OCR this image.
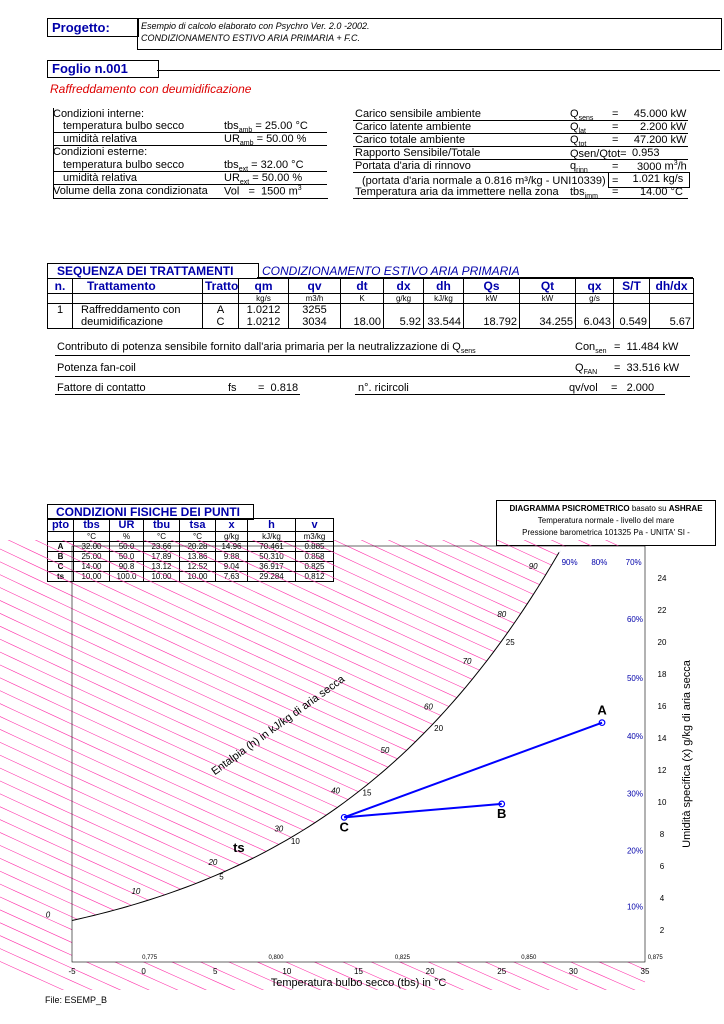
Progetto:	Esempio di calcolo elaborato con Psychro Ver. 2.0 -2002.
CONDIZIONAMENTO ESTIVO ARIA PRIMARIA + F.C.
Foglio n.001
Raffreddamento con deumidificazione
Condizioni interne:
temperatura bulbo secco	tbs$_{amb}$ = 25.00 °C
umidità relativa	$UR_{amb} = 50.00$ %
Condizioni esterne:
temperatura bulbo secco	tbs$_{ext}$ = 32.00 °C
umidità relativa	$UR_{ext} = 50.00$ %
Volume della zona condizionata Vol   =  1500 $m^3$
Carico sensibile ambiente	$Q_{sens} = 45.000$ kW
Carico latente ambiente	$Q_{lat} = 2.200$ kW
Carico totale ambiente	$Q_{tot} = 47.200$ kW
Rapporto Sensibile/Totale	Qsen/Qtot= 0.953
Portata d'aria di rinnovo	$q_{rinn} = 3000$ $m^3/h$
(portata d'aria normale a 0.816 m³/kg - UNI10339) =	1.021 kg/s
Temperatura aria da immettere nella zona tbs$_{imm}$ = 14.00 °C
SEQUENZA DEI TRATTAMENTI CONDIZIONAMENTO ESTIVO ARIA PRIMARIA
n.	Trattamento	Tratto	qm	qv	dt	dx	dh	Qs	Qt	qx	S/T	dh/dx
			kg/s	m3/h	K	g/kg	kJ/kg	kW	kW	g/s		
1	Raffreddamento con	A	1.0212	3255								
	deumidificazione	C	1.0212	3034	18.00	5.92	33.544	18.792	34.255	6.043	0.549	5.67
Contributo di potenza sensibile fornito dall'aria primaria per la neutralizzazione di $Q_{sens}$	Con$_{sen}$ =  11.484 kW
Potenza fan-coil	$Q_{FAN} = 33.516$ kW
Fattore di contatto	fs =  0.818	n°. ricircoli	qv/vol =   2.000
CONDIZIONI FISICHE DEI PUNTI
pto	tbs	UR	tbu	tsa	x	h	v
	°C	%	°C	°C	g/kg	kJ/kg	m3/kg
A	32.00	50.0	23.66	20.28	14.96	70.461	0.885
B	25.00	50.0	17.89	13.86	9.88	50.310	0.858
C	14.00	90.8	13.12	12.52	9.04	36.917	0.825
ts	10.00	100.0	10.00	10.00	7.63	29.284	0.812
DIAGRAMMA PSICROMETRICO basato su ASHRAE
Temperatura normale - livello del mare
Pressione barometrica 101325 Pa - UNITA' SI -
-5	0	5	10	15	20	25	30	35
2
4
6
8
10
12
14
16
18
20
22
24
90% 80% 70%
60%
50%
40%
30%
20%
10%
0
10
20
30
40
50
60
70
80
90
5
10
15
20
25
0,775	0,800	0,825	0,850	0,875
Temperatura bulbo secco (tbs) in °C
Umidità specifica (x) g/kg di aria secca
Entalpia (h) in kJ/kg di aria secca	A
B
C
ts
File: ESEMP_B
